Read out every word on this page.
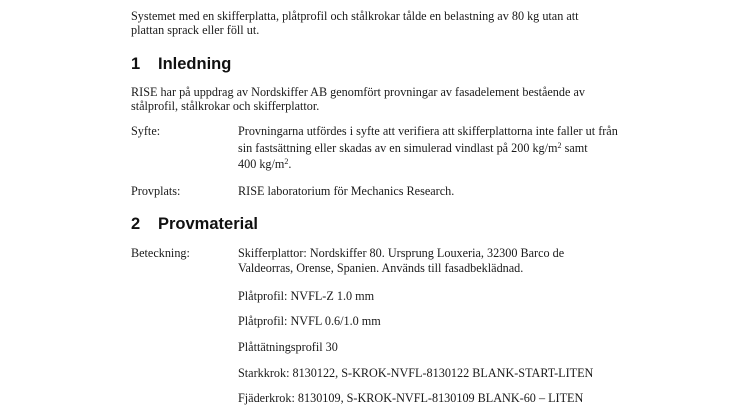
Systemet med en skifferplatta, plåtprofil och stålkrokar tålde en belastning av 80 kg utan att
plattan sprack eller föll ut.
1 Inledning
RISE har på uppdrag av Nordskiffer AB genomfört provningar av fasadelement bestående av
stålprofil, stålkrokar och skifferplattor.
Syfte:	Provningarna utfördes i syfte att verifiera att skifferplattorna inte faller ut från
sin fastsättning eller skadas av en simulerad vindlast på 200 $kg/m^2$ samt
400 $kg/m^2$.
Provplats:	RISE laboratorium för Mechanics Research.
2 Provmaterial
Beteckning:	Skifferplattor: Nordskiffer 80. Ursprung Louxeria, 32300 Barco de
Valdeorras, Orense, Spanien. Används till fasadbeklädnad.
Plåtprofil: NVFL-Z 1.0 mm
Plåtprofil: NVFL 0.6/1.0 mm
Plåttätningsprofil 30
Starkkrok: 8130122, S-KROK-NVFL-8130122 BLANK-START-LITEN
Fjäderkrok: 8130109, S-KROK-NVFL-8130109 BLANK-60 – LITEN
